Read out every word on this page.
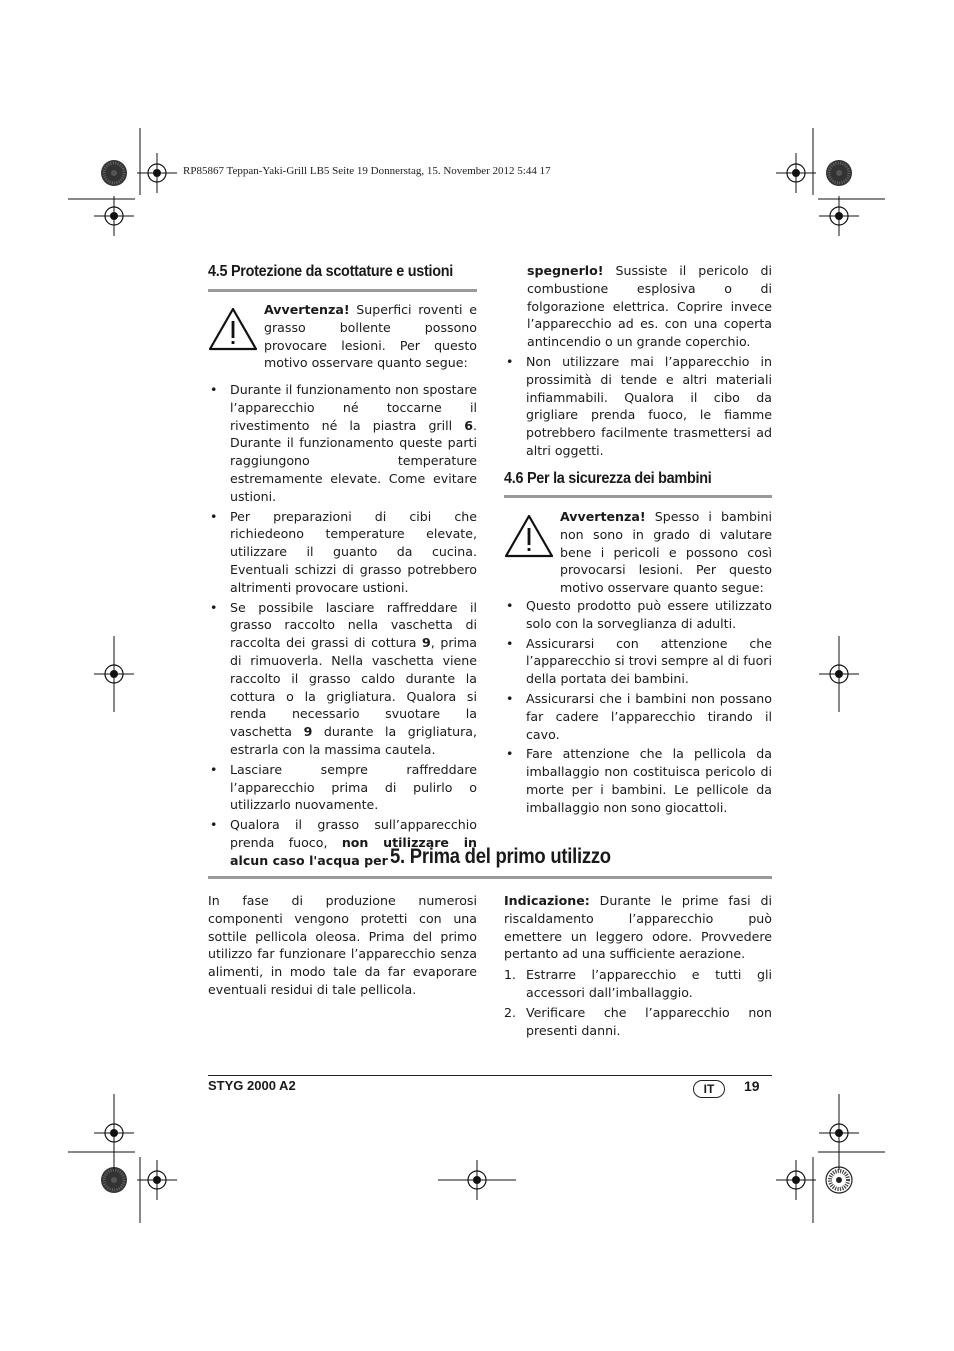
RP85867 Teppan-Yaki-Grill LB5 Seite 19 Donnerstag, 15. November 2012 5:44 17
4.5 Protezione da scottature e ustioni

Avvertenza! Superfici roventi e grasso bollente possono provocare lesioni. Per questo motivo osservare quanto segue:

• Durante il funzionamento non spostare l’apparecchio né toccarne il rivestimento né la piastra grill 6. Durante il funzionamento queste parti raggiungono temperature estremamente elevate. Come evitare ustioni.
• Per preparazioni di cibi che richiedeono temperature elevate, utilizzare il guanto da cucina. Eventuali schizzi di grasso potrebbero altrimenti provocare ustioni.
• Se possibile lasciare raffreddare il grasso raccolto nella vaschetta di raccolta dei grassi di cottura 9, prima di rimuoverla. Nella vaschetta viene raccolto il grasso caldo durante la cottura o la grigliatura. Qualora si renda necessario svuotare la vaschetta 9 durante la grigliatura, estrarla con la massima cautela.
• Lasciare sempre raffreddare l’apparecchio prima di pulirlo o utilizzarlo nuovamente.
• Qualora il grasso sull’apparecchio prenda fuoco, non utilizzare in alcun caso l'acqua per

spegnerlo! Sussiste il pericolo di combustione esplosiva o di folgorazione elettrica. Coprire invece l’apparecchio ad es. con una coperta antincendio o un grande coperchio.

• Non utilizzare mai l’apparecchio in prossimità di tende e altri materiali infiammabili. Qualora il cibo da grigliare prenda fuoco, le fiamme potrebbero facilmente trasmettersi ad altri oggetti.
4.6 Per la sicurezza dei bambini

Avvertenza! Spesso i bambini non sono in grado di valutare bene i pericoli e possono così provocarsi lesioni. Per questo motivo osservare quanto segue:

• Questo prodotto può essere utilizzato solo con la sorveglianza di adulti.
• Assicurarsi con attenzione che l’apparecchio si trovi sempre al di fuori della portata dei bambini.
• Assicurarsi che i bambini non possano far cadere l’apparecchio tirando il cavo.
• Fare attenzione che la pellicola da imballaggio non costituisca pericolo di morte per i bambini. Le pellicole da imballaggio non sono giocattoli.
5. Prima del primo utilizzo

In fase di produzione numerosi componenti vengono protetti con una sottile pellicola oleosa. Prima del primo utilizzo far funzionare l’apparecchio senza alimenti, in modo tale da far evaporare eventuali residui di tale pellicola.

Indicazione: Durante le prime fasi di riscaldamento l’apparecchio può emettere un leggero odore. Provvedere pertanto ad una sufficiente aerazione.

1. Estrarre l’apparecchio e tutti gli accessori dall’imballaggio.
2. Verificare che l’apparecchio non presenti danni.
STYG 2000 A2	IT	19
